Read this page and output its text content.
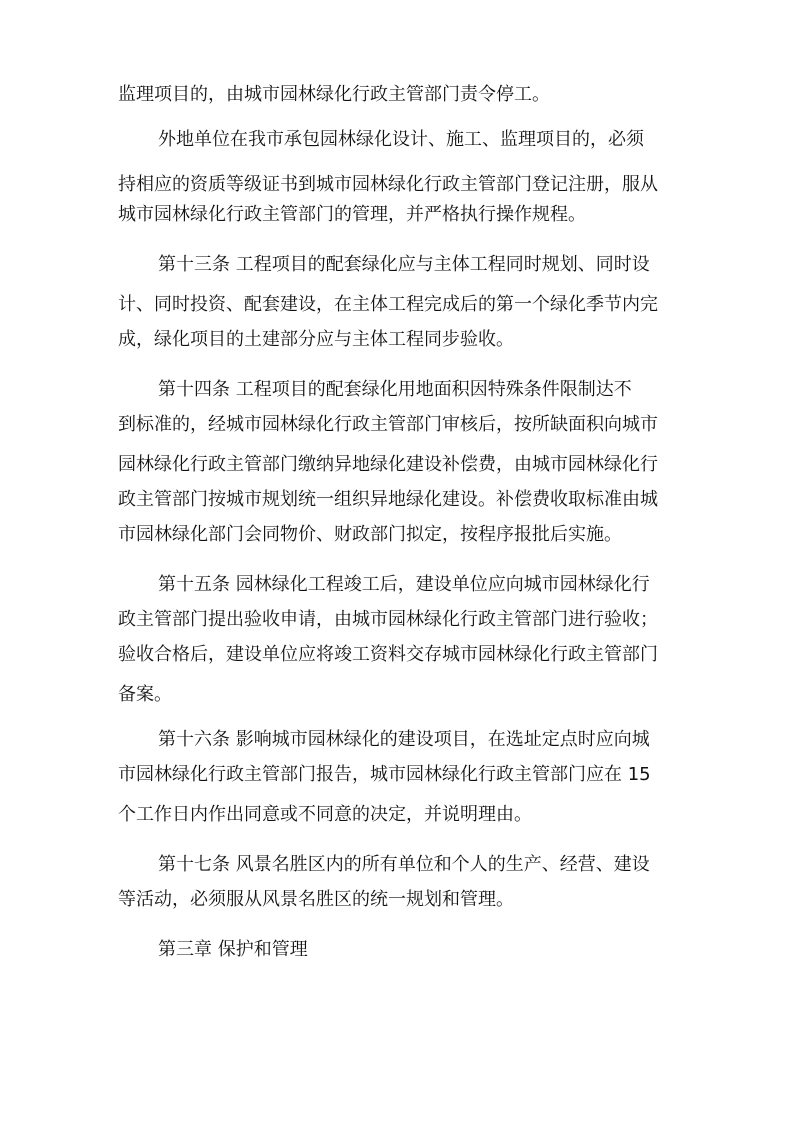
监理项目的，由城市园林绿化行政主管部门责令停工。
外地单位在我市承包园林绿化设计、施工、监理项目的，必须
持相应的资质等级证书到城市园林绿化行政主管部门登记注册，服从
城市园林绿化行政主管部门的管理，并严格执行操作规程。
第十三条 工程项目的配套绿化应与主体工程同时规划、同时设
计、同时投资、配套建设，在主体工程完成后的第一个绿化季节内完
成，绿化项目的土建部分应与主体工程同步验收。
第十四条 工程项目的配套绿化用地面积因特殊条件限制达不
到标准的，经城市园林绿化行政主管部门审核后，按所缺面积向城市
园林绿化行政主管部门缴纳异地绿化建设补偿费，由城市园林绿化行
政主管部门按城市规划统一组织异地绿化建设。补偿费收取标准由城
市园林绿化部门会同物价、财政部门拟定，按程序报批后实施。
第十五条 园林绿化工程竣工后，建设单位应向城市园林绿化行
政主管部门提出验收申请，由城市园林绿化行政主管部门进行验收；
验收合格后，建设单位应将竣工资料交存城市园林绿化行政主管部门
备案。
第十六条 影响城市园林绿化的建设项目，在选址定点时应向城
市园林绿化行政主管部门报告，城市园林绿化行政主管部门应在 15
个工作日内作出同意或不同意的决定，并说明理由。
第十七条 风景名胜区内的所有单位和个人的生产、经营、建设
等活动，必须服从风景名胜区的统一规划和管理。
第三章 保护和管理
